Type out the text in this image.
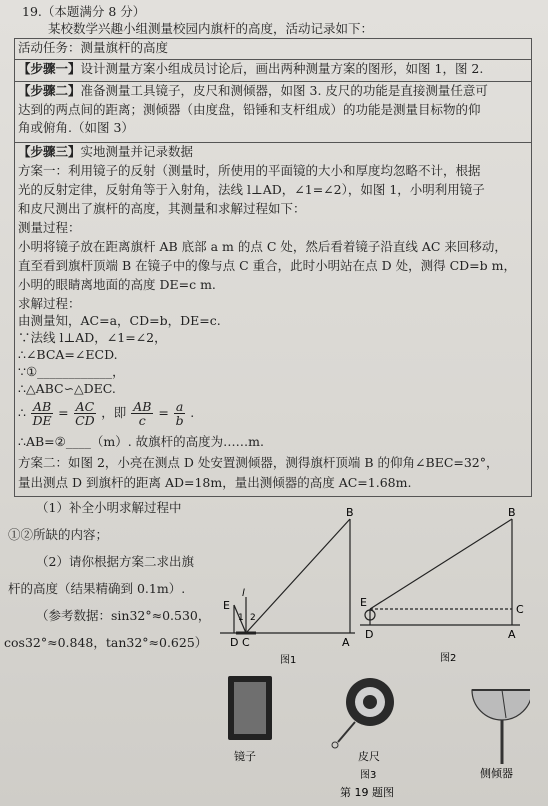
19.（本题满分 8 分）
某校数学兴趣小组测量校园内旗杆的高度，活动记录如下：
活动任务：测量旗杆的高度
【步骤一】设计测量方案小组成员讨论后，画出两种测量方案的图形，如图 1，图 2.
【步骤二】准备测量工具镜子，皮尺和测倾器，如图 3. 皮尺的功能是直接测量任意可
达到的两点间的距离；测倾器（由度盘，铅锤和支杆组成）的功能是测量目标物的仰
角或俯角.（如图 3）
【步骤三】实地测量并记录数据
方案一：利用镜子的反射（测量时，所使用的平面镜的大小和厚度均忽略不计，根据
光的反射定律，反射角等于入射角，法线 l⊥AD，∠1=∠2），如图 1，小明利用镜子
和皮尺测出了旗杆的高度，其测量和求解过程如下：
测量过程：
小明将镜子放在距离旗杆 AB 底部 a m 的点 C 处，然后看着镜子沿直线 AC 来回移动，
直至看到旗杆顶端 B 在镜子中的像与点 C 重合，此时小明站在点 D 处，测得 CD=b m，
小明的眼睛离地面的高度 DE=c m.
求解过程：
由测量知，AC=a，CD=b，DE=c.
∵法线 l⊥AD，∠1=∠2，
∴∠BCA=∠ECD.
∵①____________，
∴△ABC∽△DEC.
∴ $\frac{AB}{DE} = \frac{AC}{CD}$ ，即 $\frac{AB}{c} = \frac{a}{b}$ .
∴AB=②____（m）. 故旗杆的高度为……m.
方案二：如图 2，小亮在测点 D 处安置测倾器，测得旗杆顶端 B 的仰角∠BEC=32°，
量出测点 D 到旗杆的距离 AD=18m，量出测倾器的高度 AC=1.68m.
（1）补全小明求解过程中
①②所缺的内容；
（2）请你根据方案二求出旗
杆的高度（结果精确到 0.1m）.
（参考数据：sin32°≈0.530，
cos32°≈0.848，tan32°≈0.625）
B
E
l
1 2
D C	A
图1
B
E
C
D	A
图2
镜子	皮尺
侧倾器
图3
第 19 题图
